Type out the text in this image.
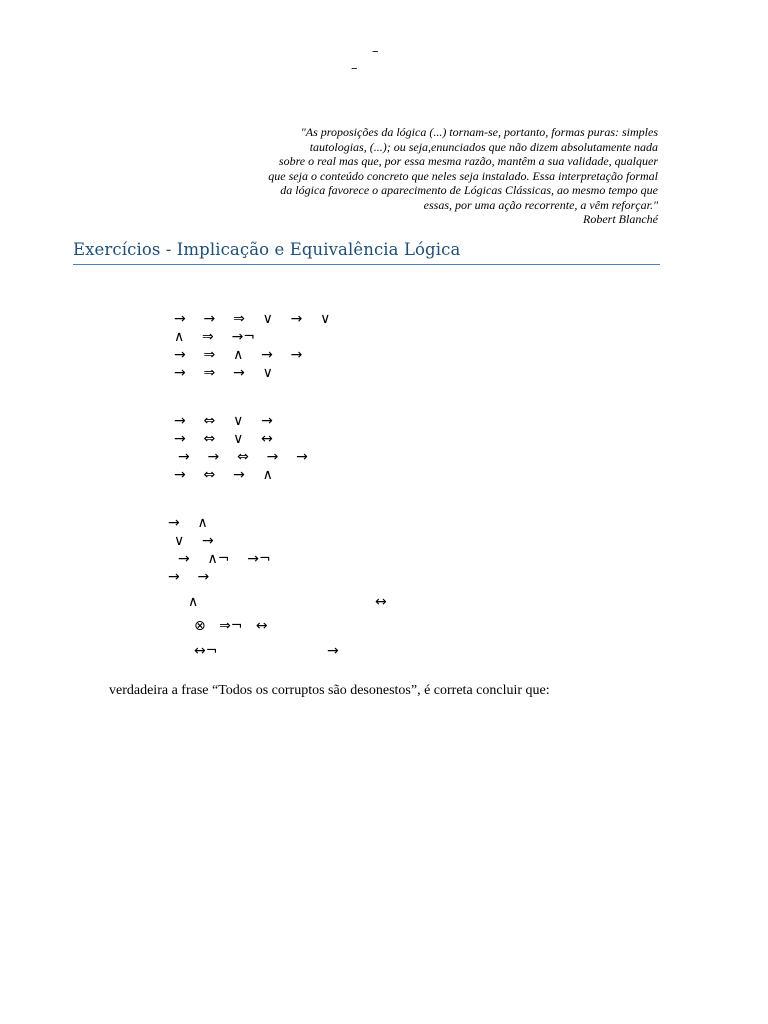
–
–
"As proposições da lógica (...) tornam-se, portanto, formas puras: simples
tautologias, (...); ou seja,enunciados que não dizem absolutamente nada
sobre o real mas que, por essa mesma razão, mantêm a sua validade, qualquer
que seja o conteúdo concreto que neles seja instalado. Essa interpretação formal
da lógica favorece o aparecimento de Lógicas Clássicas, ao mesmo tempo que
essas, por uma ação recorrente, a vêm reforçar."
Robert Blanché
Exercícios - Implicação e Equivalência Lógica
→    →    ⇒    ∨    →    ∨
∧    ⇒    →¬
→    ⇒    ∧    →    →
→    ⇒    →    ∨
→    ⇔    ∨    →
→    ⇔    ∨    ↔
→    →    ⇔    →    →
→    ⇔    →    ∧
→    ∧
∨    →
→    ∧¬    →¬
→    →
∧	↔
⊗   ⇒¬   ↔
↔¬	→
verdadeira a frase “Todos os corruptos são desonestos”, é correta concluir que:
